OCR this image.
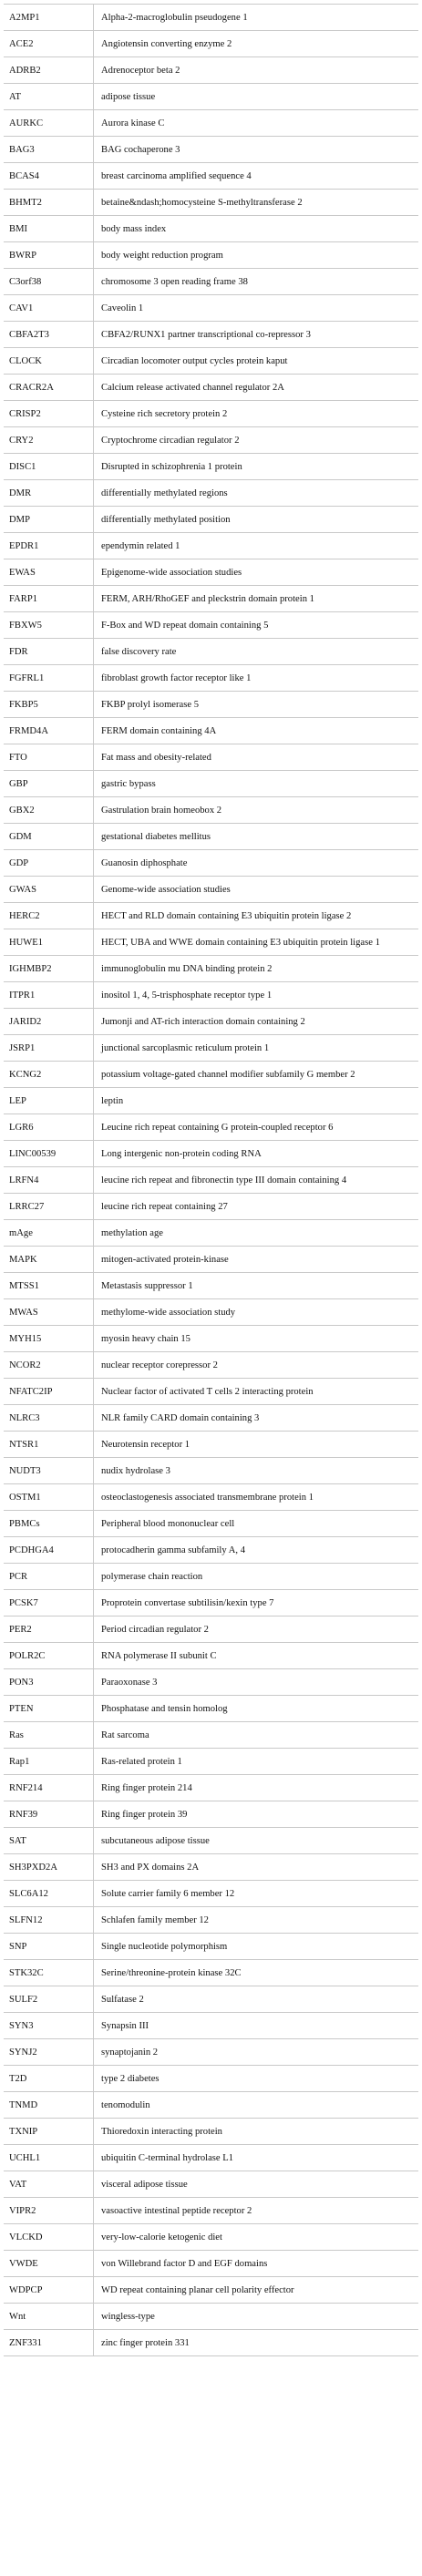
A2MP1	Alpha-2-macroglobulin pseudogene 1
ACE2	Angiotensin converting enzyme 2
ADRB2	Adrenoceptor beta 2
AT	adipose tissue
AURKC	Aurora kinase C
BAG3	BAG cochaperone 3
BCAS4	breast carcinoma amplified sequence 4
BHMT2	betaine&ndash;homocysteine S-methyltransferase 2
BMI	body mass index
BWRP	body weight reduction program
C3orf38	chromosome 3 open reading frame 38
CAV1	Caveolin 1
CBFA2T3	CBFA2/RUNX1 partner transcriptional co-repressor 3
CLOCK	Circadian locomoter output cycles protein kaput
CRACR2A	Calcium release activated channel regulator 2A
CRISP2	Cysteine rich secretory protein 2
CRY2	Cryptochrome circadian regulator 2
DISC1	Disrupted in schizophrenia 1 protein
DMR	differentially methylated regions
DMP	differentially methylated position
EPDR1	ependymin related 1
EWAS	Epigenome-wide association studies
FARP1	FERM, ARH/RhoGEF and pleckstrin domain protein 1
FBXW5	F-Box and WD repeat domain containing 5
FDR	false discovery rate
FGFRL1	fibroblast growth factor receptor like 1
FKBP5	FKBP prolyl isomerase 5
FRMD4A	FERM domain containing 4A
FTO	Fat mass and obesity-related
GBP	gastric bypass
GBX2	Gastrulation brain homeobox 2
GDM	gestational diabetes mellitus
GDP	Guanosin diphosphate
GWAS	Genome-wide association studies
HERC2	HECT and RLD domain containing E3 ubiquitin protein ligase 2
HUWE1	HECT, UBA and WWE domain containing E3 ubiquitin protein ligase 1
IGHMBP2	immunoglobulin mu DNA binding protein 2
ITPR1	inositol 1, 4, 5-trisphosphate receptor type 1
JARID2	Jumonji and AT-rich interaction domain containing 2
JSRP1	junctional sarcoplasmic reticulum protein 1
KCNG2	potassium voltage-gated channel modifier subfamily G member 2
LEP	leptin
LGR6	Leucine rich repeat containing G protein-coupled receptor 6
LINC00539	Long intergenic non-protein coding RNA
LRFN4	leucine rich repeat and fibronectin type III domain containing 4
LRRC27	leucine rich repeat containing 27
mAge	methylation age
MAPK	mitogen-activated protein-kinase
MTSS1	Metastasis suppressor 1
MWAS	methylome-wide association study
MYH15	myosin heavy chain 15
NCOR2	nuclear receptor corepressor 2
NFATC2IP	Nuclear factor of activated T cells 2 interacting protein
NLRC3	NLR family CARD domain containing 3
NTSR1	Neurotensin receptor 1
NUDT3	nudix hydrolase 3
OSTM1	osteoclastogenesis associated transmembrane protein 1
PBMCs	Peripheral blood mononuclear cell
PCDHGA4	protocadherin gamma subfamily A, 4
PCR	polymerase chain reaction
PCSK7	Proprotein convertase subtilisin/kexin type 7
PER2	Period circadian regulator 2
POLR2C	RNA polymerase II subunit C
PON3	Paraoxonase 3
PTEN	Phosphatase and tensin homolog
Ras	Rat sarcoma
Rap1	Ras-related protein 1
RNF214	Ring finger protein 214
RNF39	Ring finger protein 39
SAT	subcutaneous adipose tissue
SH3PXD2A	SH3 and PX domains 2A
SLC6A12	Solute carrier family 6 member 12
SLFN12	Schlafen family member 12
SNP	Single nucleotide polymorphism
STK32C	Serine/threonine-protein kinase 32C
SULF2	Sulfatase 2
SYN3	Synapsin III
SYNJ2	synaptojanin 2
T2D	type 2 diabetes
TNMD	tenomodulin
TXNIP	Thioredoxin interacting protein
UCHL1	ubiquitin C-terminal hydrolase L1
VAT	visceral adipose tissue
VIPR2	vasoactive intestinal peptide receptor 2
VLCKD	very-low-calorie ketogenic diet
VWDE	von Willebrand factor D and EGF domains
WDPCP	WD repeat containing planar cell polarity effector
Wnt	wingless-type
ZNF331	zinc finger protein 331
